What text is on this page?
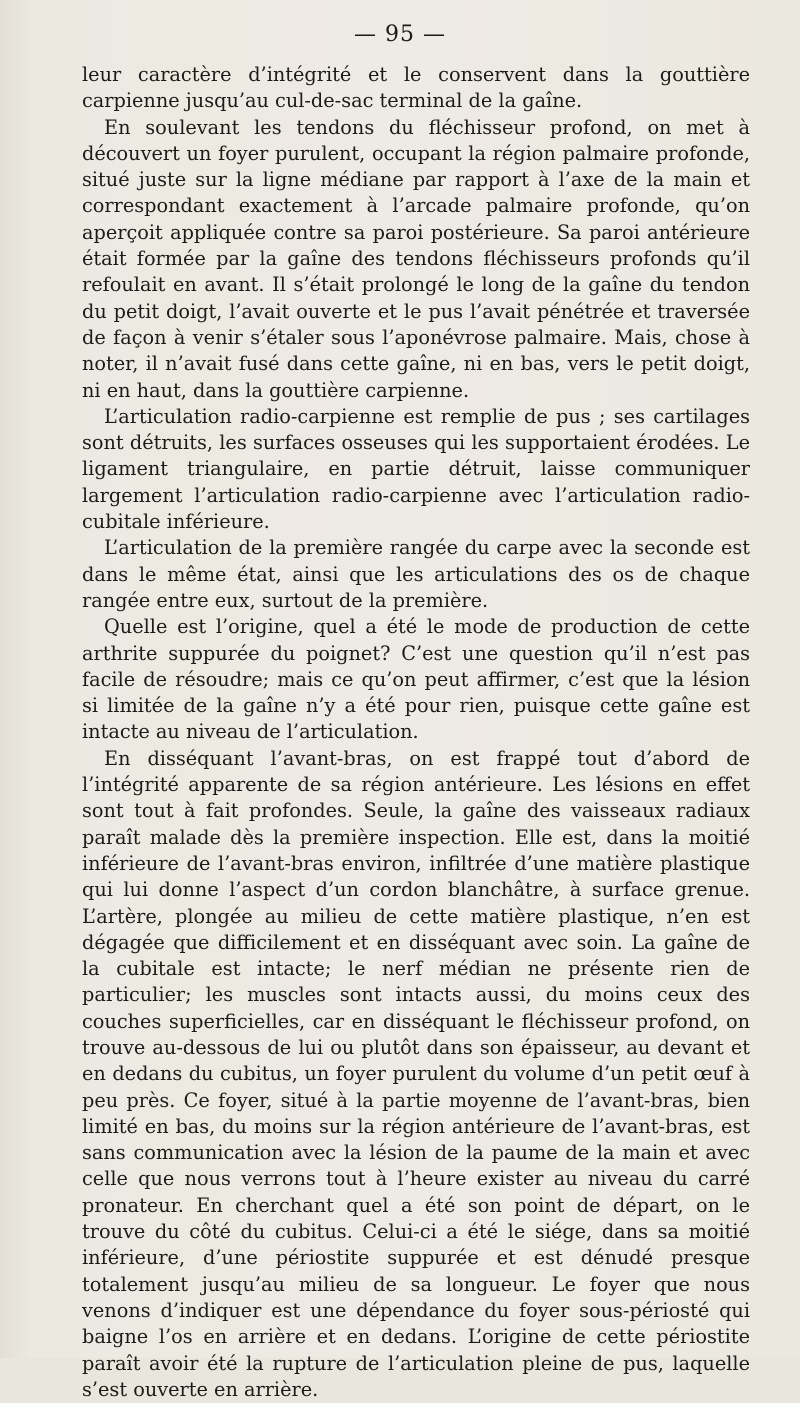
— 95 —

leur caractère d’intégrité et le conservent dans la gouttière carpienne jusqu’au cul-de-sac terminal de la gaîne.

En soulevant les tendons du fléchisseur profond, on met à découvert un foyer purulent, occupant la région palmaire profonde, situé juste sur la ligne médiane par rapport à l’axe de la main et correspondant exactement à l’arcade palmaire profonde, qu’on aperçoit appliquée contre sa paroi postérieure. Sa paroi antérieure était formée par la gaîne des tendons fléchisseurs profonds qu’il refoulait en avant. Il s’était prolongé le long de la gaîne du tendon du petit doigt, l’avait ouverte et le pus l’avait pénétrée et traversée de façon à venir s’étaler sous l’aponévrose palmaire. Mais, chose à noter, il n’avait fusé dans cette gaîne, ni en bas, vers le petit doigt, ni en haut, dans la gouttière carpienne.

L’articulation radio-carpienne est remplie de pus ; ses cartilages sont détruits, les surfaces osseuses qui les supportaient érodées. Le ligament triangulaire, en partie détruit, laisse communiquer largement l’articulation radio-carpienne avec l’articulation radio-cubitale inférieure.

L’articulation de la première rangée du carpe avec la seconde est dans le même état, ainsi que les articulations des os de chaque rangée entre eux, surtout de la première.

Quelle est l’origine, quel a été le mode de production de cette arthrite suppurée du poignet? C’est une question qu’il n’est pas facile de résoudre; mais ce qu’on peut affirmer, c’est que la lésion si limitée de la gaîne n’y a été pour rien, puisque cette gaîne est intacte au niveau de l’articulation.

En disséquant l’avant-bras, on est frappé tout d’abord de l’intégrité apparente de sa région antérieure. Les lésions en effet sont tout à fait profondes. Seule, la gaîne des vaisseaux radiaux paraît malade dès la première inspection. Elle est, dans la moitié inférieure de l’avant-bras environ, infiltrée d’une matière plastique qui lui donne l’aspect d’un cordon blanchâtre, à surface grenue. L’artère, plongée au milieu de cette matière plastique, n’en est dégagée que difficilement et en disséquant avec soin. La gaîne de la cubitale est intacte; le nerf médian ne présente rien de particulier; les muscles sont intacts aussi, du moins ceux des couches superficielles, car en disséquant le fléchisseur profond, on trouve au-dessous de lui ou plutôt dans son épaisseur, au devant et en dedans du cubitus, un foyer purulent du volume d’un petit œuf à peu près. Ce foyer, situé à la partie moyenne de l’avant-bras, bien limité en bas, du moins sur la région antérieure de l’avant-bras, est sans communication avec la lésion de la paume de la main et avec celle que nous verrons tout à l’heure exister au niveau du carré pronateur. En cherchant quel a été son point de départ, on le trouve du côté du cubitus. Celui-ci a été le siége, dans sa moitié inférieure, d’une périostite suppurée et est dénudé presque totalement jusqu’au milieu de sa longueur. Le foyer que nous venons d’indiquer est une dépendance du foyer sous-périosté qui baigne l’os en arrière et en dedans. L’origine de cette périostite paraît avoir été la rupture de l’articulation pleine de pus, laquelle s’est ouverte en arrière.
